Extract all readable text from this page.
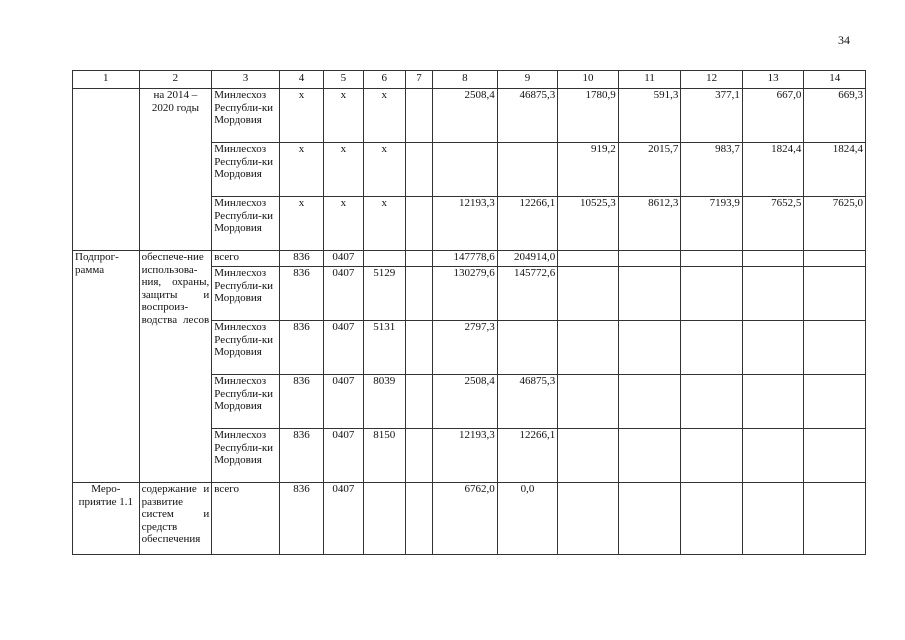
34
1	2	3	4	5	6	7	8	9	10	11	12	13	14
	на 2014 – 2020 годы	Минлесхоз Республи-ки Мордовия	х	х	х		2508,4	46875,3	1780,9	591,3	377,1	667,0	669,3
		Минлесхоз Республи-ки Мордовия	х	х	х				919,2	2015,7	983,7	1824,4	1824,4
		Минлесхоз Республи-ки Мордовия	х	х	х		12193,3	12266,1	10525,3	8612,3	7193,9	7652,5	7625,0
Подпрог-рамма	обеспече-ние использова-ния, охраны, защиты и воспроиз-водства лесов	всего	836	0407			147778,6	204914,0					
		Минлесхоз Республи-ки Мордовия	836	0407	5129		130279,6	145772,6					
		Минлесхоз Республи-ки Мордовия	836	0407	5131		2797,3						
		Минлесхоз Республи-ки Мордовия	836	0407	8039		2508,4	46875,3					
		Минлесхоз Республи-ки Мордовия	836	0407	8150		12193,3	12266,1					
Меро-приятие 1.1	содержание и развитие систем и средств обеспечения	всего	836	0407			6762,0	0,0					
